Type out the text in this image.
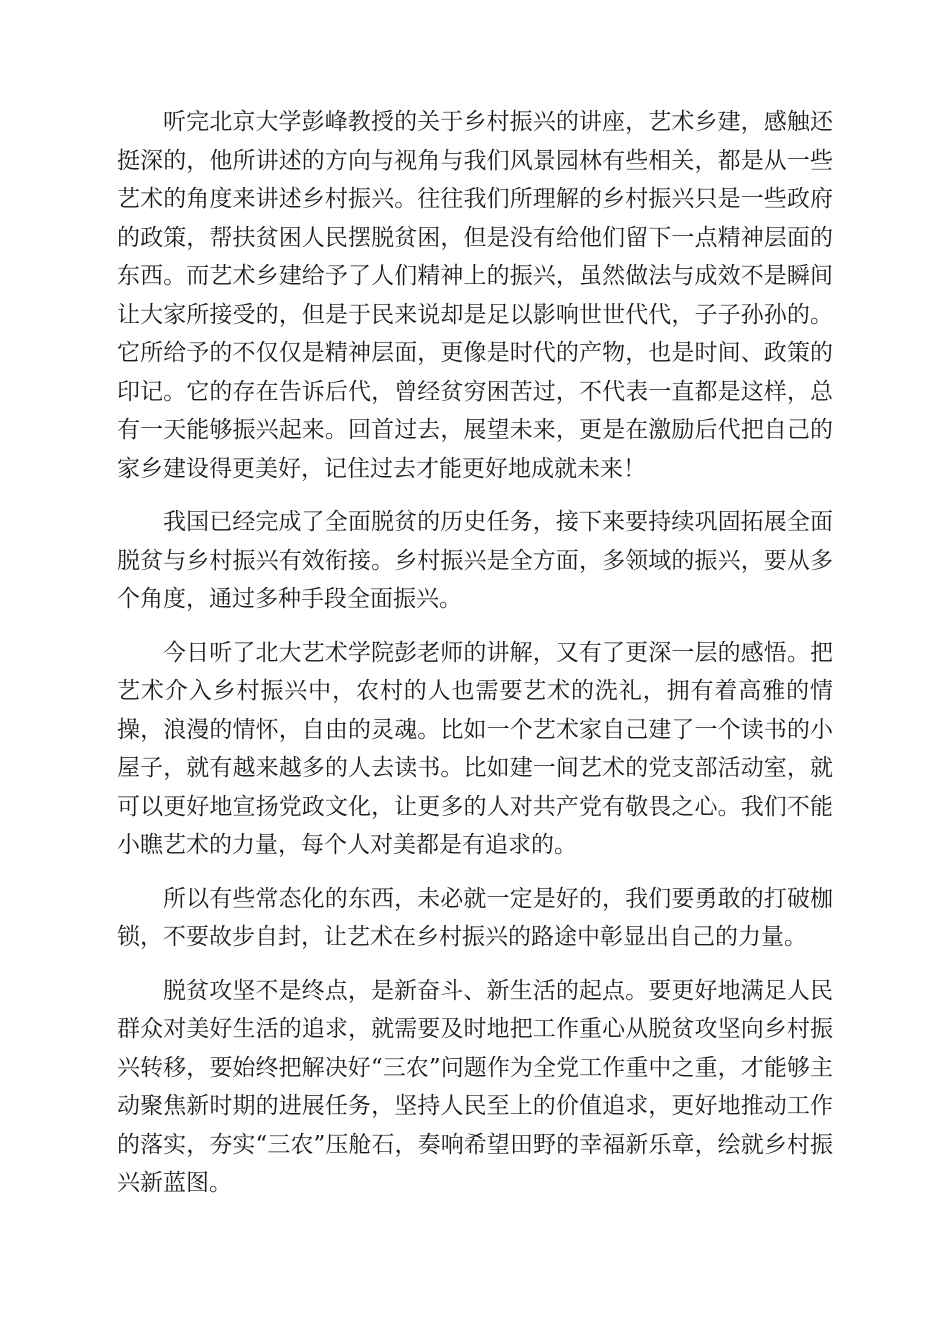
听完北京大学彭峰教授的关于乡村振兴的讲座，艺术乡建，感触还挺深的，他所讲述的方向与视角与我们风景园林有些相关，都是从一些艺术的角度来讲述乡村振兴。往往我们所理解的乡村振兴只是一些政府的政策，帮扶贫困人民摆脱贫困，但是没有给他们留下一点精神层面的东西。而艺术乡建给予了人们精神上的振兴，虽然做法与成效不是瞬间让大家所接受的，但是于民来说却是足以影响世世代代，子子孙孙的。它所给予的不仅仅是精神层面，更像是时代的产物，也是时间、政策的印记。它的存在告诉后代，曾经贫穷困苦过，不代表一直都是这样，总有一天能够振兴起来。回首过去，展望未来，更是在激励后代把自己的家乡建设得更美好，记住过去才能更好地成就未来！

我国已经完成了全面脱贫的历史任务，接下来要持续巩固拓展全面脱贫与乡村振兴有效衔接。乡村振兴是全方面，多领域的振兴，要从多个角度，通过多种手段全面振兴。

今日听了北大艺术学院彭老师的讲解，又有了更深一层的感悟。把艺术介入乡村振兴中，农村的人也需要艺术的洗礼，拥有着高雅的情操，浪漫的情怀，自由的灵魂。比如一个艺术家自己建了一个读书的小屋子，就有越来越多的人去读书。比如建一间艺术的党支部活动室，就可以更好地宣扬党政文化，让更多的人对共产党有敬畏之心。我们不能小瞧艺术的力量，每个人对美都是有追求的。

所以有些常态化的东西，未必就一定是好的，我们要勇敢的打破枷锁，不要故步自封，让艺术在乡村振兴的路途中彰显出自己的力量。

脱贫攻坚不是终点，是新奋斗、新生活的起点。要更好地满足人民群众对美好生活的追求，就需要及时地把工作重心从脱贫攻坚向乡村振兴转移，要始终把解决好“三农”问题作为全党工作重中之重，才能够主动聚焦新时期的进展任务，坚持人民至上的价值追求，更好地推动工作的落实，夯实“三农”压舱石，奏响希望田野的幸福新乐章，绘就乡村振兴新蓝图。
